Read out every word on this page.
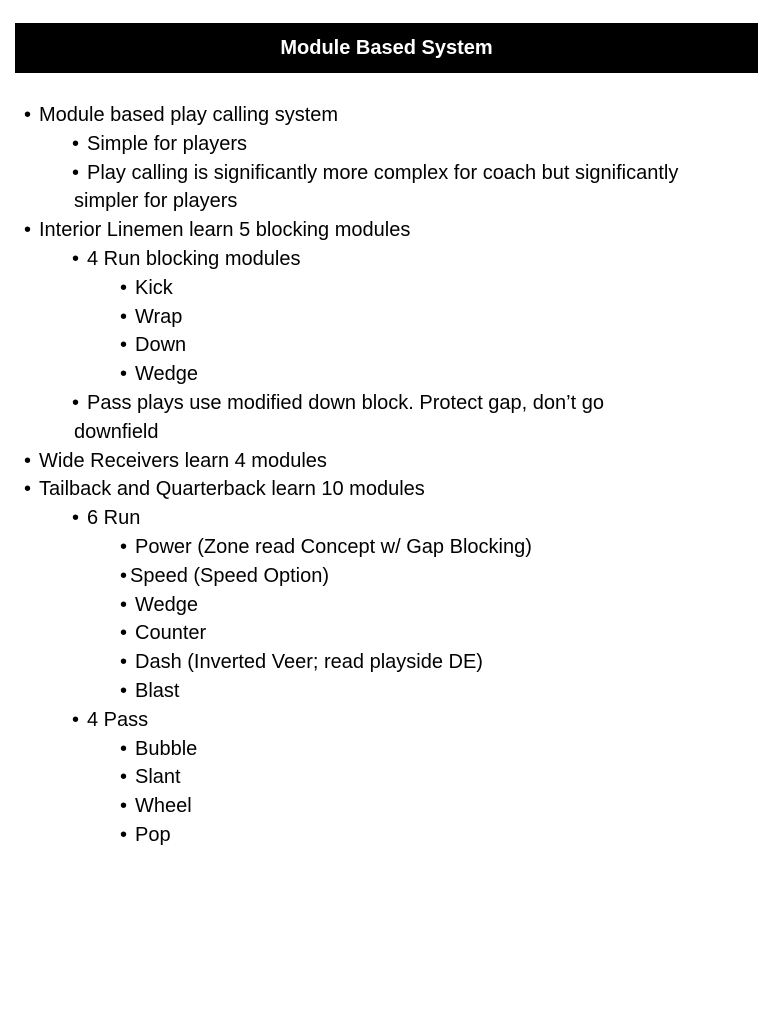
Module Based System
• Module based play calling system
• Simple for players
• Play calling is significantly more complex for coach but significantly
simpler for players
• Interior Linemen learn 5 blocking modules
• 4 Run blocking modules
• Kick
• Wrap
• Down
• Wedge
• Pass plays use modified down block. Protect gap, don’t go
downfield
• Wide Receivers learn 4 modules
• Tailback and Quarterback learn 10 modules
• 6 Run
• Power (Zone read Concept w/ Gap Blocking)
• Speed (Speed Option)
• Wedge
• Counter
• Dash (Inverted Veer; read playside DE)
• Blast
• 4 Pass
• Bubble
• Slant
• Wheel
• Pop
